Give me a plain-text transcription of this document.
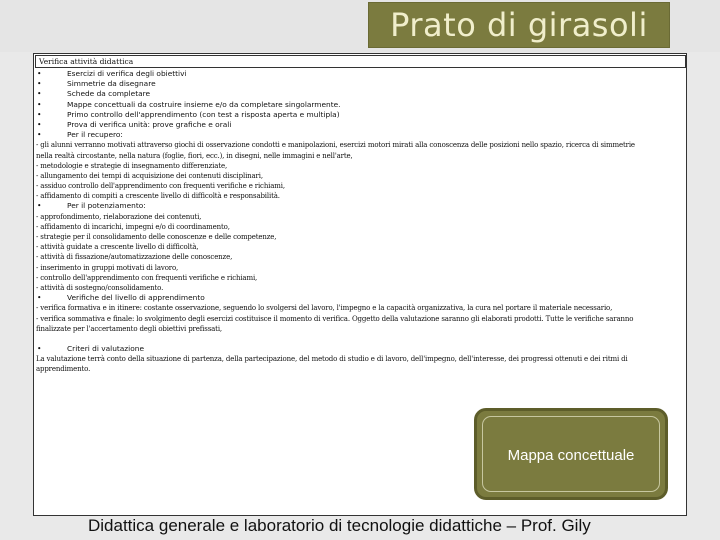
Prato di girasoli
Verifica attività didattica
•	Esercizi di verifica degli obiettivi
•	Simmetrie da disegnare
•	Schede da completare
•	Mappe concettuali da costruire insieme e/o da completare singolarmente.
•	Primo controllo dell'apprendimento (con test a risposta aperta e multipla)
•	Prova di verifica unità: prove grafiche e orali
•	Per il recupero:
- gli alunni verranno motivati attraverso giochi di osservazione condotti e manipolazioni, esercizi motori mirati alla conoscenza delle posizioni nello spazio, ricerca di simmetrie
nella realtà circostante, nella natura (foglie, fiori, ecc.), in disegni, nelle immagini e nell'arte,
- metodologie e strategie di insegnamento differenziate,
- allungamento dei tempi di acquisizione dei contenuti disciplinari,
- assiduo controllo dell'apprendimento con frequenti verifiche e richiami,
- affidamento di compiti a crescente livello di difficoltà e responsabilità.
•	Per il potenziamento:
- approfondimento, rielaborazione dei contenuti,
- affidamento di incarichi, impegni e/o di coordinamento,
- strategie per il consolidamento delle conoscenze e delle competenze,
- attività guidate a crescente livello di difficoltà,
- attività di fissazione/automatizzazione delle conoscenze,
- inserimento in gruppi motivati di lavoro,
- controllo dell'apprendimento con frequenti verifiche e richiami,
- attività di sostegno/consolidamento.
•	Verifiche del livello di apprendimento
- verifica formativa e in itinere: costante osservazione, seguendo lo svolgersi del lavoro, l'impegno e la capacità organizzativa, la cura nel portare il materiale necessario,
- verifica sommativa e finale: lo svolgimento degli esercizi costituisce il momento di verifica. Oggetto della valutazione saranno gli elaborati prodotti. Tutte le verifiche saranno
finalizzate per l'accertamento degli obiettivi prefissati,
•	Criteri di valutazione
La valutazione terrà conto della situazione di partenza, della partecipazione, del metodo di studio e di lavoro, dell'impegno, dell'interesse, dei progressi ottenuti e dei ritmi di
apprendimento.
Mappa concettuale
Didattica generale e laboratorio di tecnologie didattiche – Prof. Gily
